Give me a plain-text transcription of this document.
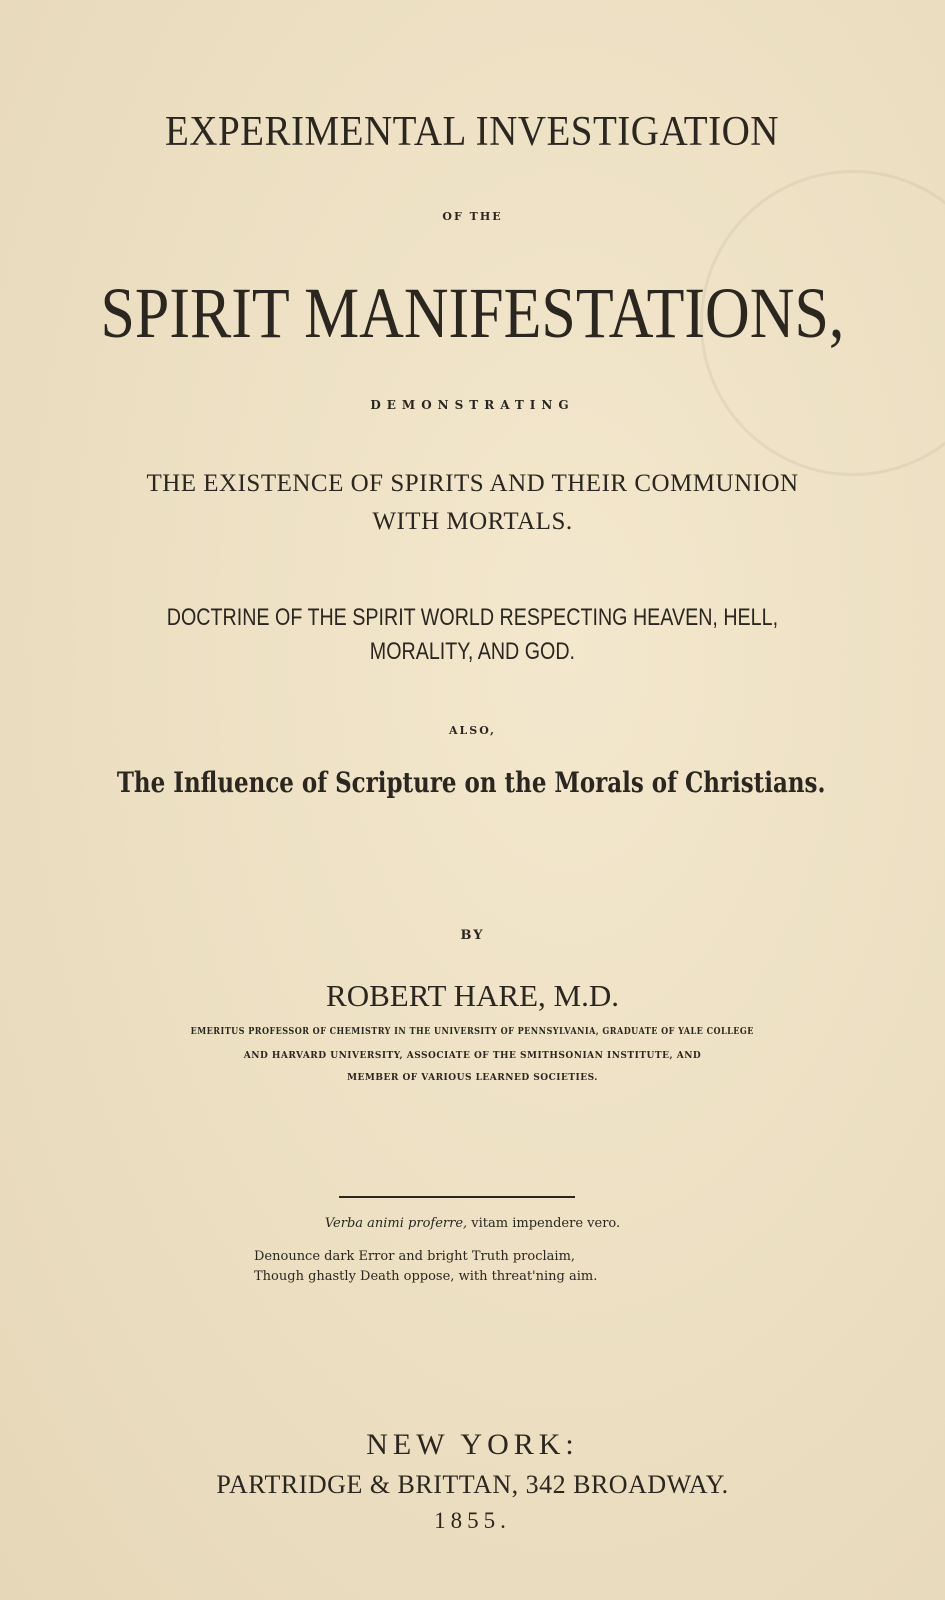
EXPERIMENTAL INVESTIGATION
OF THE
SPIRIT MANIFESTATIONS,
DEMONSTRATING
THE EXISTENCE OF SPIRITS AND THEIR COMMUNION
WITH MORTALS.
DOCTRINE OF THE SPIRIT WORLD RESPECTING HEAVEN, HELL,
MORALITY, AND GOD.
ALSO,
The Influence of Scripture on the Morals of Christians.
BY
ROBERT HARE, M.D.
EMERITUS PROFESSOR OF CHEMISTRY IN THE UNIVERSITY OF PENNSYLVANIA, GRADUATE OF YALE COLLEGE
AND HARVARD UNIVERSITY, ASSOCIATE OF THE SMITHSONIAN INSTITUTE, AND
MEMBER OF VARIOUS LEARNED SOCIETIES.
Verba animi proferre, vitam impendere vero.
Denounce dark Error and bright Truth proclaim,
Though ghastly Death oppose, with threat'ning aim.
NEW YORK:
PARTRIDGE & BRITTAN, 342 BROADWAY.
1855.
